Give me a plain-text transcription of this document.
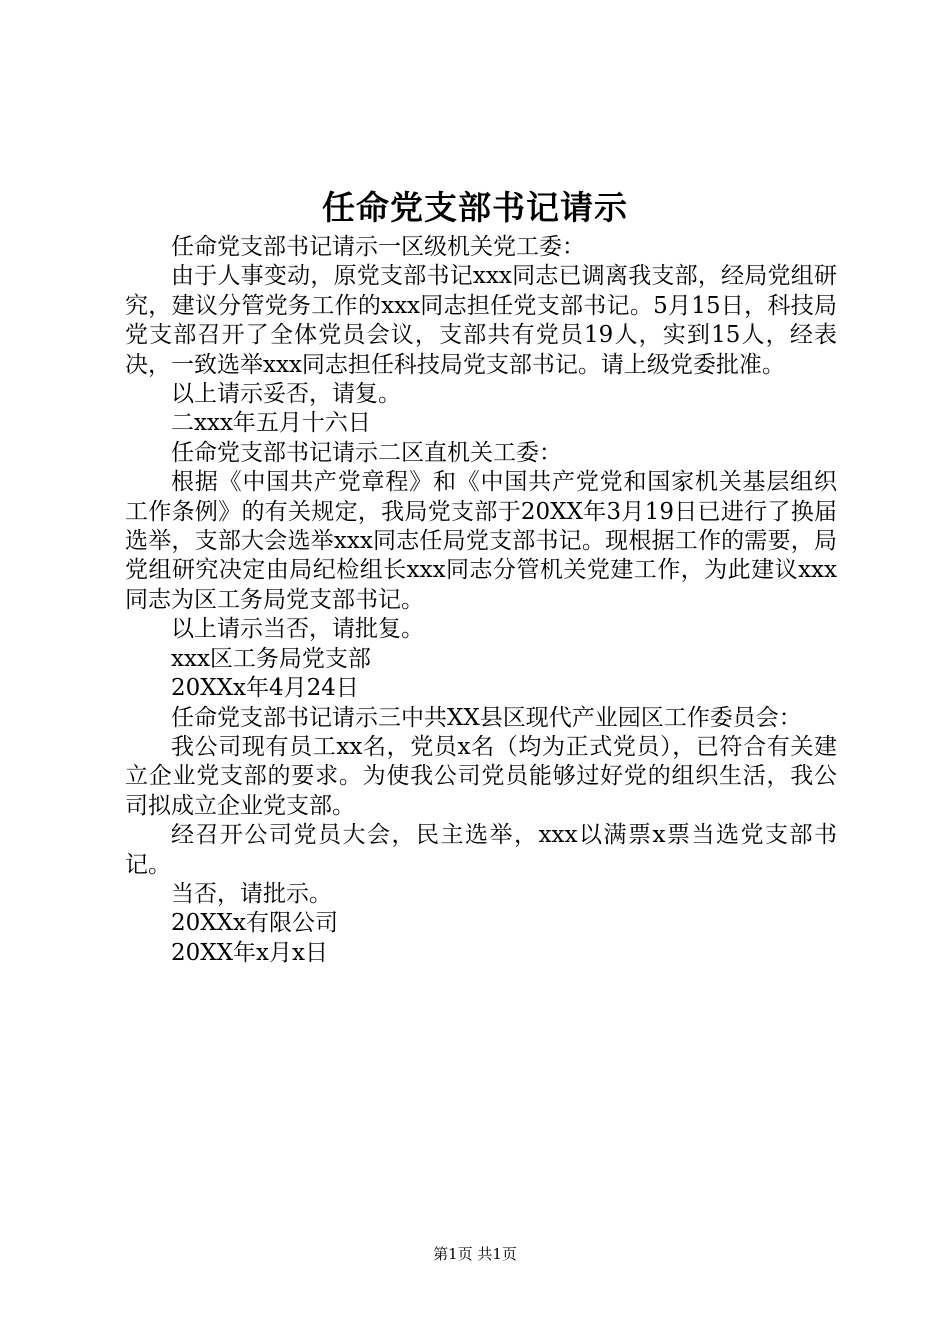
任命党支部书记请示

任命党支部书记请示一区级机关党工委：

由于人事变动，原党支部书记xxx同志已调离我支部，经局党组研究，建议分管党务工作的xxx同志担任党支部书记。5月15日，科技局党支部召开了全体党员会议，支部共有党员19人，实到15人，经表决，一致选举xxx同志担任科技局党支部书记。请上级党委批准。

以上请示妥否，请复。

二xxx年五月十六日

任命党支部书记请示二区直机关工委：

根据《中国共产党章程》和《中国共产党党和国家机关基层组织工作条例》的有关规定，我局党支部于20XX年3月19日已进行了换届选举，支部大会选举xxx同志任局党支部书记。现根据工作的需要，局党组研究决定由局纪检组长xxx同志分管机关党建工作，为此建议xxx同志为区工务局党支部书记。

以上请示当否，请批复。

xxx区工务局党支部

20XXx年4月24日

任命党支部书记请示三中共XX县区现代产业园区工作委员会：

我公司现有员工xx名，党员x名（均为正式党员），已符合有关建立企业党支部的要求。为使我公司党员能够过好党的组织生活，我公司拟成立企业党支部。

经召开公司党员大会，民主选举，xxx以满票x票当选党支部书记。

当否，请批示。

20XXx有限公司

20XX年x月x日

第1页 共1页
